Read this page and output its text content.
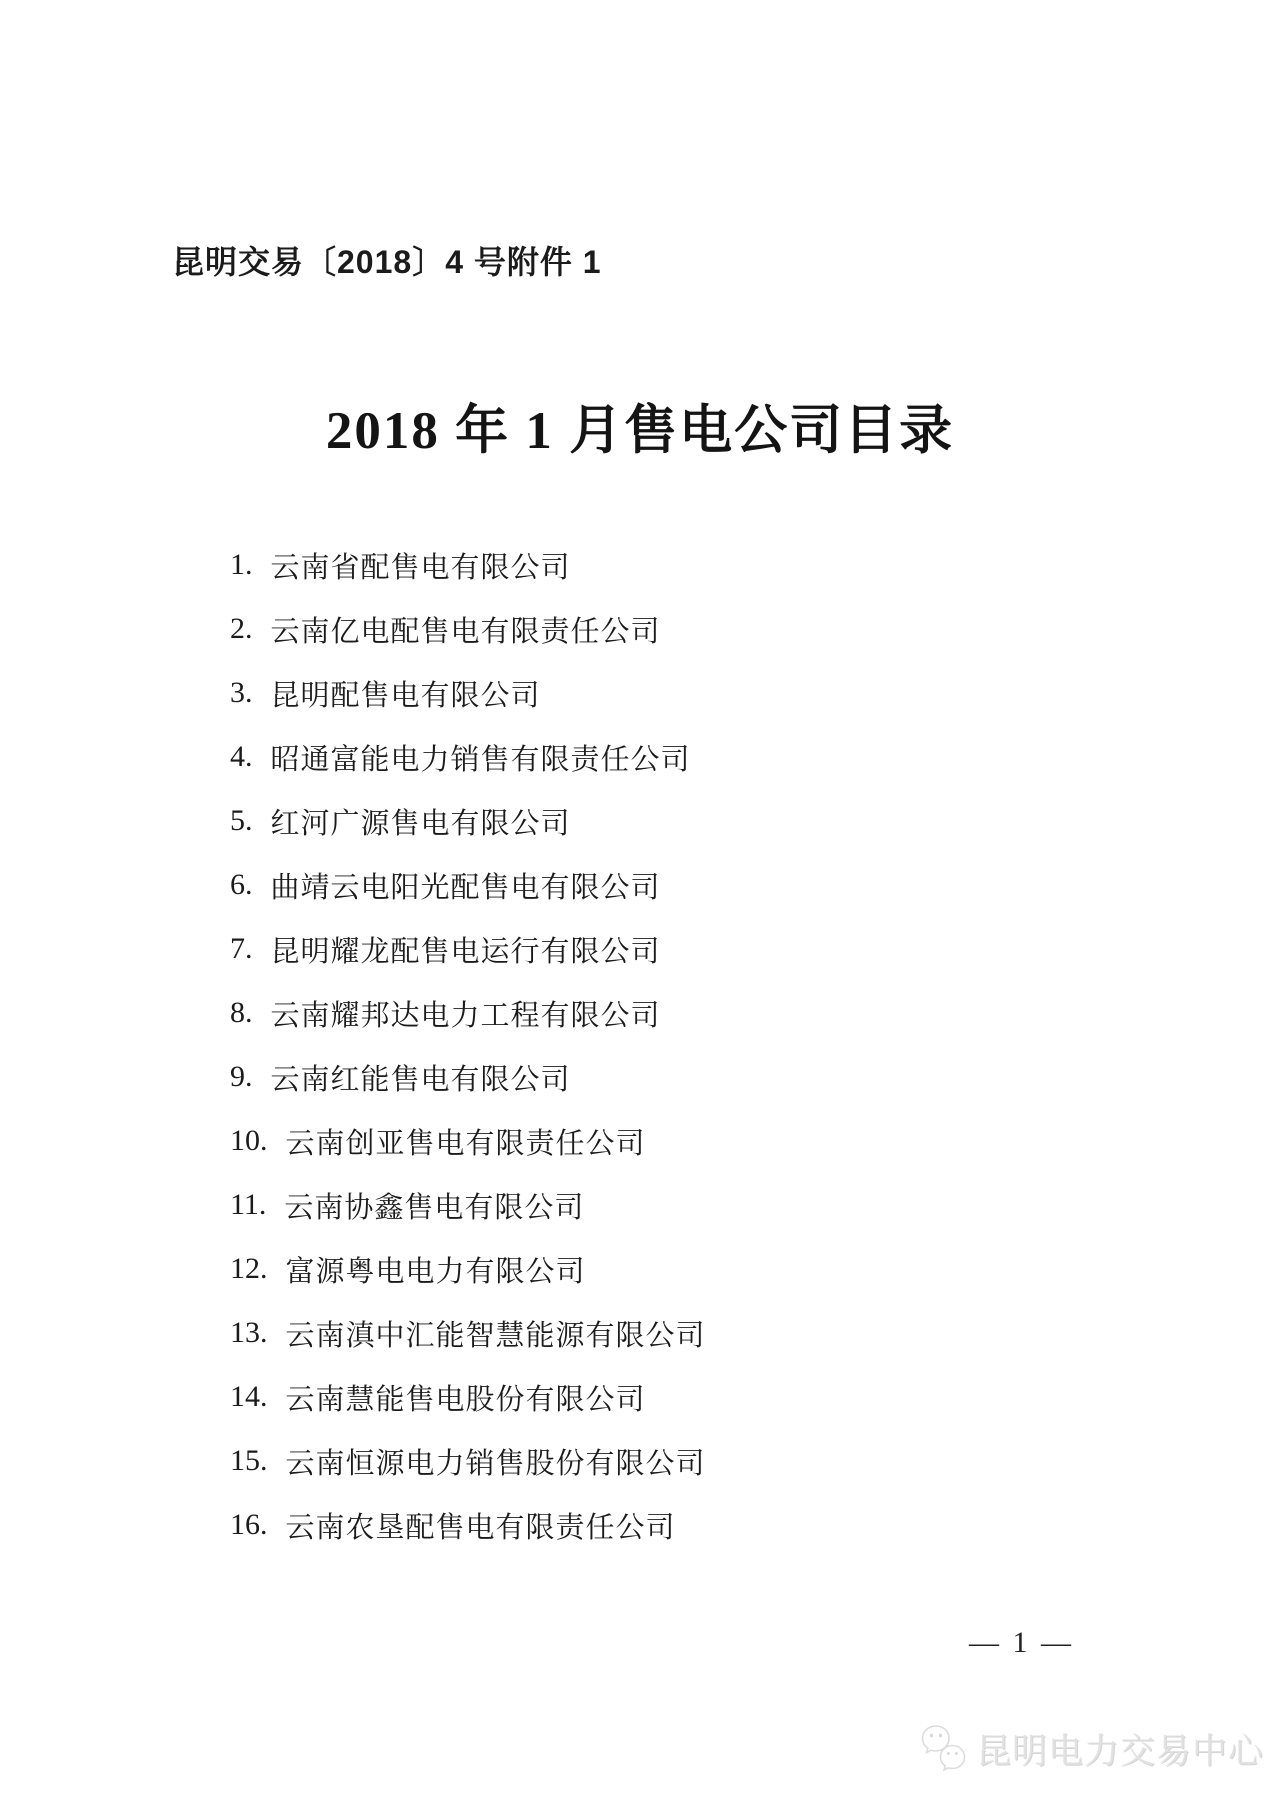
昆明交易〔2018〕4 号附件 1
2018 年 1 月售电公司目录
1. 云南省配售电有限公司
2. 云南亿电配售电有限责任公司
3. 昆明配售电有限公司
4. 昭通富能电力销售有限责任公司
5. 红河广源售电有限公司
6. 曲靖云电阳光配售电有限公司
7. 昆明耀龙配售电运行有限公司
8. 云南耀邦达电力工程有限公司
9. 云南红能售电有限公司
10. 云南创亚售电有限责任公司
11. 云南协鑫售电有限公司
12. 富源粤电电力有限公司
13. 云南滇中汇能智慧能源有限公司
14. 云南慧能售电股份有限公司
15. 云南恒源电力销售股份有限公司
16. 云南农垦配售电有限责任公司
— 1 —
昆明电力交易中心
